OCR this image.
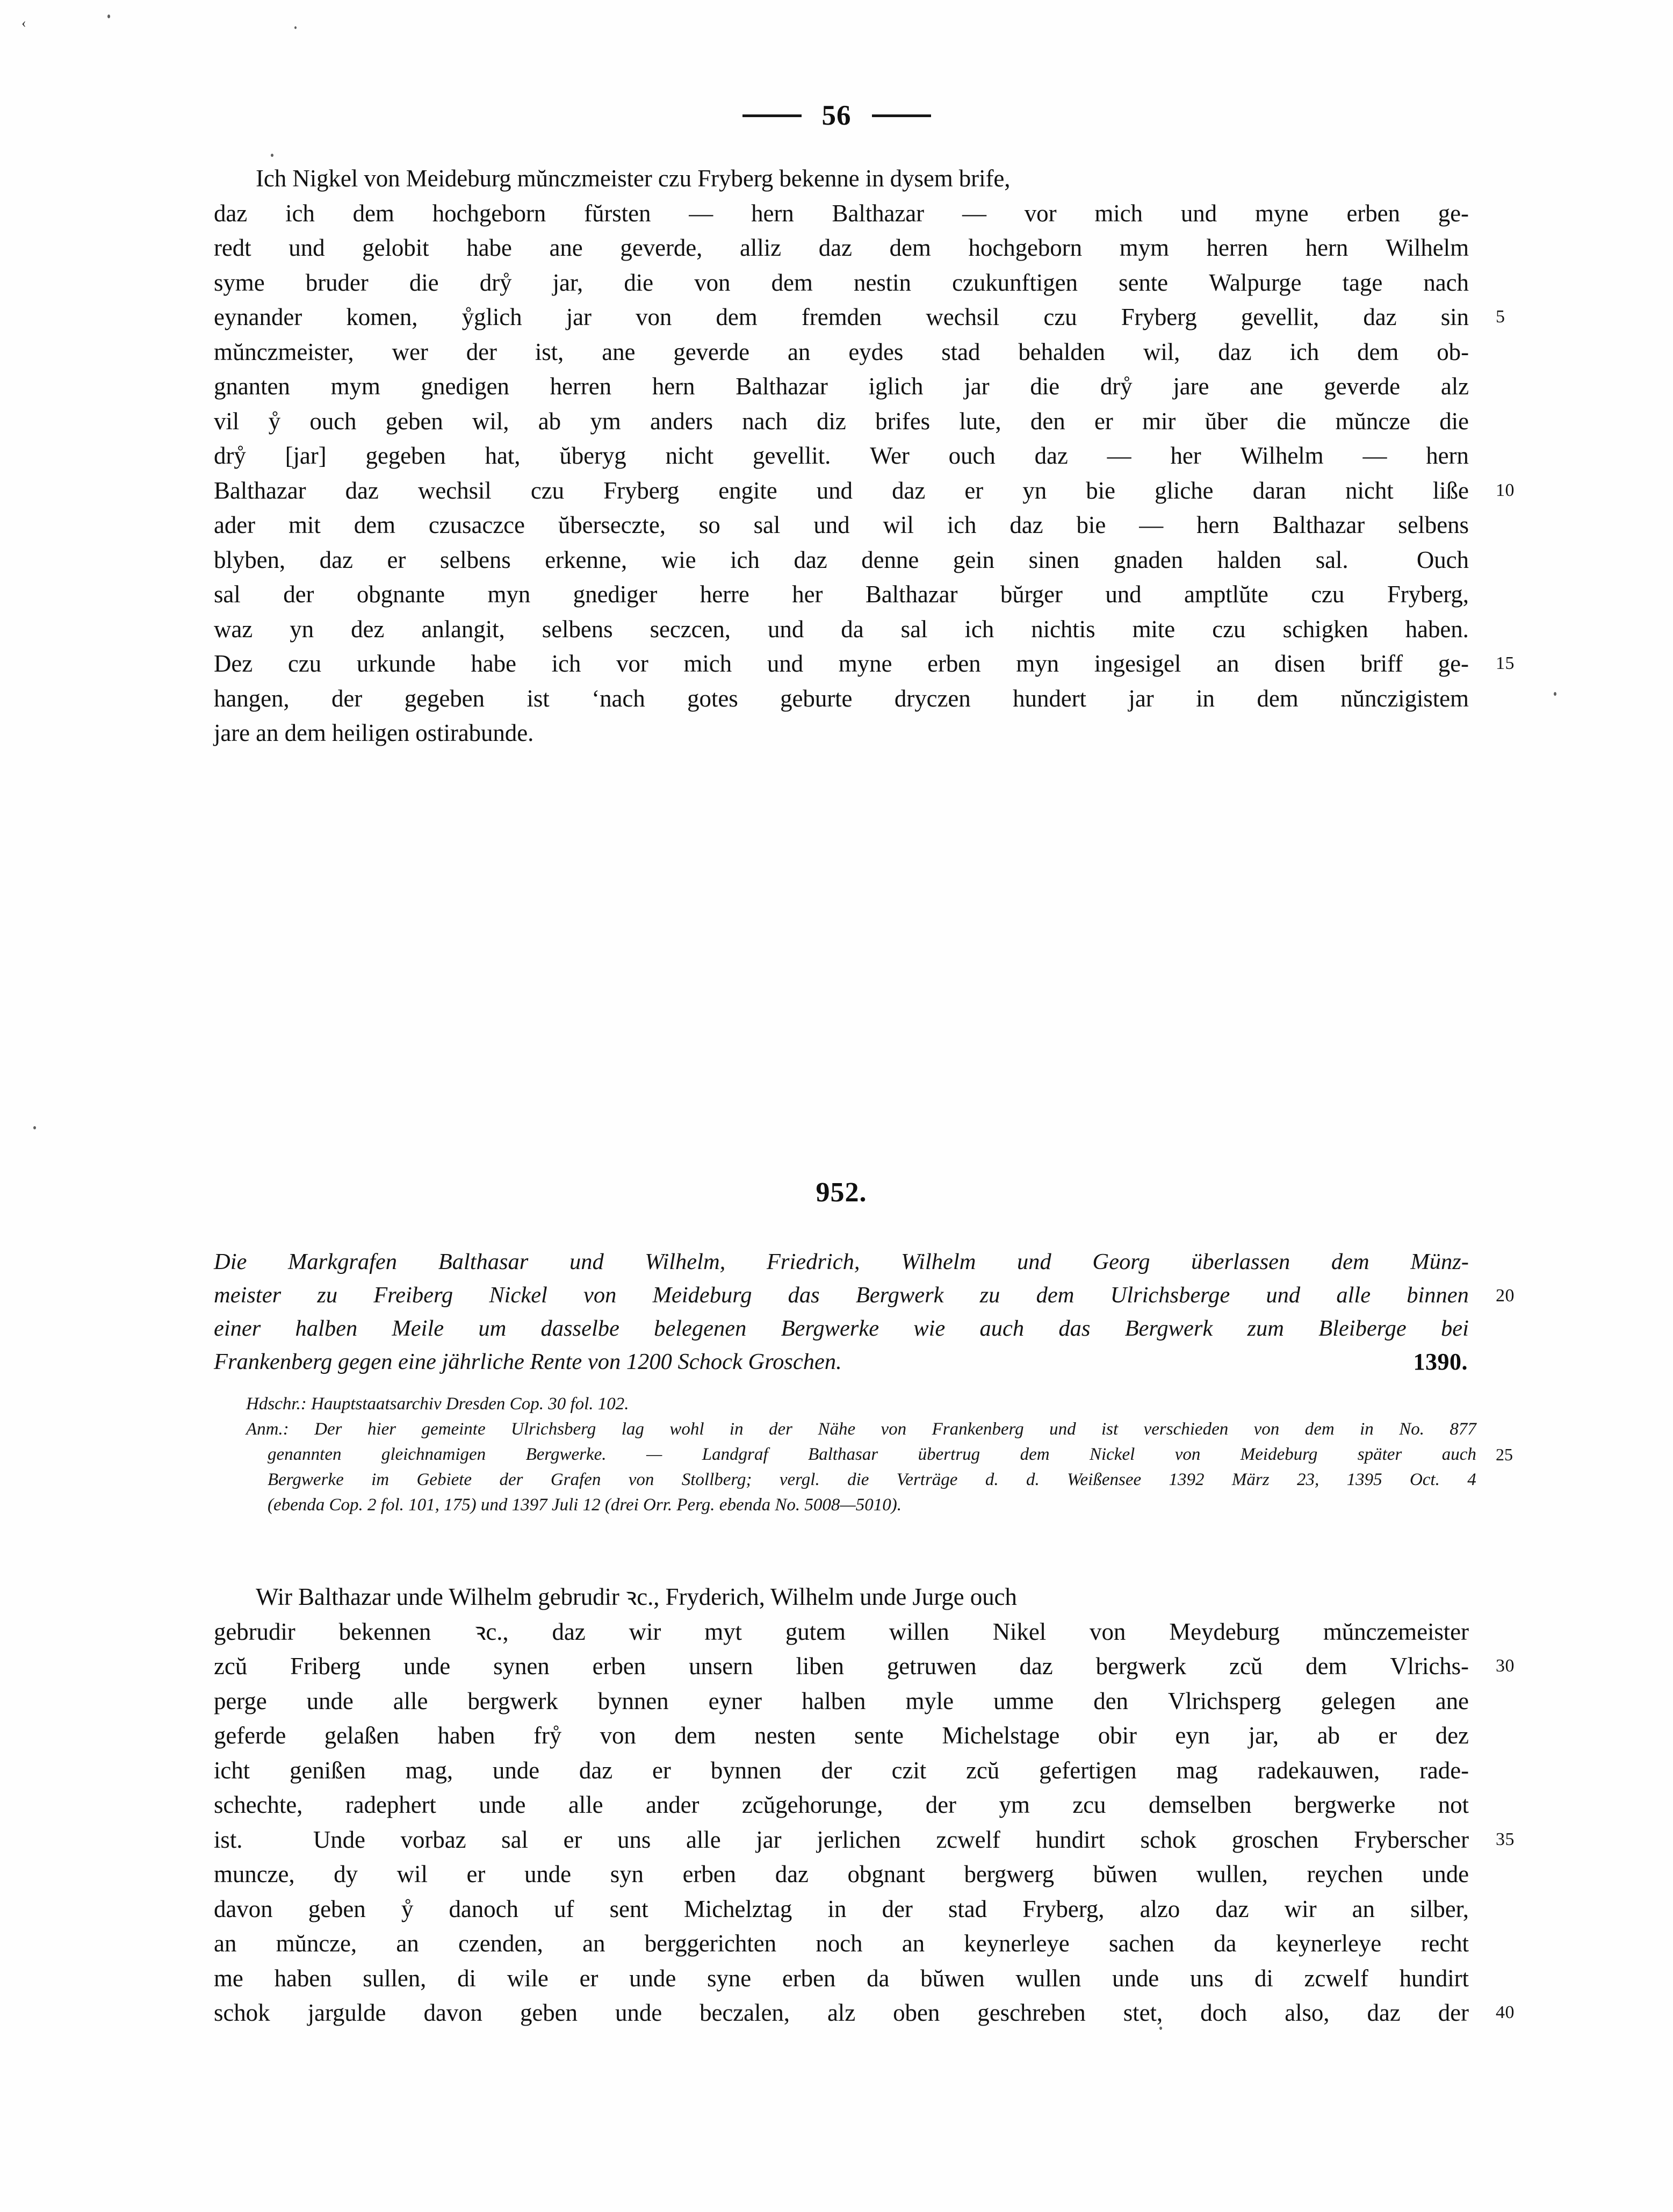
‹
56
Ich Nigkel von Meideburg mŭnczmeister czu Fryberg bekenne in dysem brife,
daz ich dem hochgeborn fŭrsten — hern Balthazar — vor mich und myne erben ge-
redt und gelobit habe ane geverde, alliz daz dem hochgeborn mym herren hern Wilhelm
syme bruder die drẙ jar, die von dem nestin czukunftigen sente Walpurge tage nach
eynander komen, ẙglich jar von dem fremden wechsil czu Fryberg gevellit, daz sin 5
mŭnczmeister, wer der ist, ane geverde an eydes stad behalden wil, daz ich dem ob-
gnanten mym gnedigen herren hern Balthazar iglich jar die drẙ jare ane geverde alz
vil ẙ ouch geben wil, ab ym anders nach diz brifes lute, den er mir ŭber die mŭncze die
drẙ [jar] gegeben hat, ŭberyg nicht gevellit. Wer ouch daz — her Wilhelm — hern
Balthazar daz wechsil czu Fryberg engite und daz er yn bie gliche daran nicht liße 10
ader mit dem czusaczce ŭberseczte, so sal und wil ich daz bie — hern Balthazar selbens
blyben, daz er selbens erkenne, wie ich daz denne gein sinen gnaden halden sal.	Ouch
sal der obgnante myn gnediger herre her Balthazar bŭrger und amptlŭte czu Fryberg,
waz yn dez anlangit, selbens seczcen, und da sal ich nichtis mite czu schigken haben.
Dez czu urkunde habe ich vor mich und myne erben myn ingesigel an disen briff ge- 15
hangen, der gegeben ist ʻnach gotes geburte dryczen hundert jar in dem nŭnczigistem
jare an dem heiligen ostirabunde.
952.
Die Markgrafen Balthasar und Wilhelm, Friedrich, Wilhelm und Georg überlassen dem Münz-
meister zu Freiberg Nickel von Meideburg das Bergwerk zu dem Ulrichsberge und alle binnen 20
einer halben Meile um dasselbe belegenen Bergwerke wie auch das Bergwerk zum Bleiberge bei
Frankenberg gegen eine jährliche Rente von 1200 Schock Groschen.	1390.
Hdschr.: Hauptstaatsarchiv Dresden Cop. 30 fol. 102.
Anm.: Der hier gemeinte Ulrichsberg lag wohl in der Nähe von Frankenberg und ist verschieden von dem in No. 877
genannten gleichnamigen Bergwerke. — Landgraf Balthasar übertrug dem Nickel von Meideburg später auch 25
Bergwerke im Gebiete der Grafen von Stollberg; vergl. die Verträge d. d. Weißensee 1392 März 23, 1395 Oct. 4
(ebenda Cop. 2 fol. 101, 175) und 1397 Juli 12 (drei Orr. Perg. ebenda No. 5008—5010).
Wir Balthazar unde Wilhelm gebrudir ꝛc., Fryderich, Wilhelm unde Jurge ouch
gebrudir bekennen ꝛc., daz wir myt gutem willen Nikel von Meydeburg mŭnczemeister
zcŭ Friberg unde synen erben unsern liben getruwen daz bergwerk zcŭ dem Vlrichs- 30
perge unde alle bergwerk bynnen eyner halben myle umme den Vlrichsperg gelegen ane
geferde gelaßen haben frẙ von dem nesten sente Michelstage obir eyn jar, ab er dez
icht genißen mag, unde daz er bynnen der czit zcŭ gefertigen mag radekauwen, rade-
schechte, radephert unde alle ander zcŭgehorunge, der ym zcu demselben bergwerke not
ist.	Unde vorbaz sal er uns alle jar jerlichen zcwelf hundirt schok groschen Fryberscher 35
muncze, dy wil er unde syn erben daz obgnant bergwerg bŭwen wullen, reychen unde
davon geben ẙ danoch uf sent Michelztag in der stad Fryberg, alzo daz wir an silber,
an mŭncze, an czenden, an berggerichten noch an keynerleye sachen da keynerleye recht
me haben sullen, di wile er unde syne erben da bŭwen wullen unde uns di zcwelf hundirt
schok jargulde davon geben unde beczalen, alz oben geschreben stet, doch also, daz der 40
